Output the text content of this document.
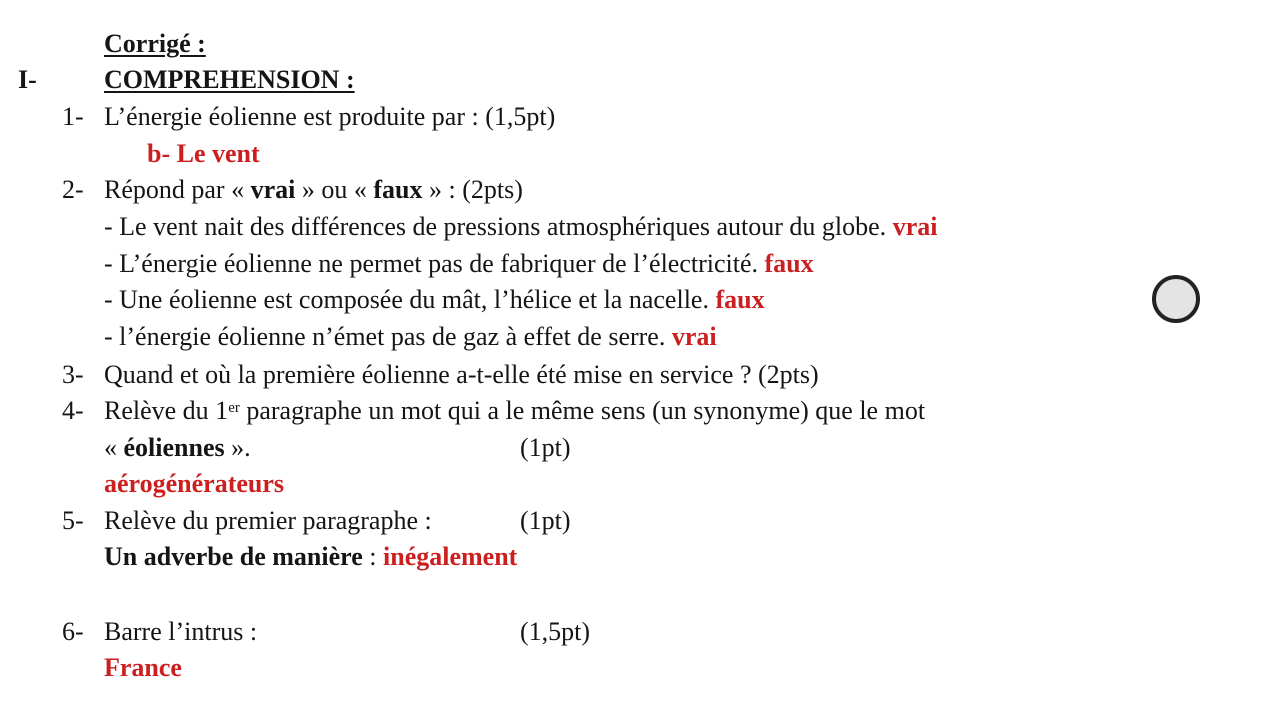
Corrigé :
I-	COMPREHENSION :
1- L’énergie éolienne est produite par : (1,5pt)
b- Le vent
2- Répond par « vrai » ou « faux » : (2pts)
- Le vent nait des différences de pressions atmosphériques autour du globe. vrai
- L’énergie éolienne ne permet pas de fabriquer de l’électricité. faux
- Une éolienne est composée du mât, l’hélice et la nacelle. faux
- l’énergie éolienne n’émet pas de gaz à effet de serre. vrai
3- Quand et où la première éolienne a-t-elle été mise en service ? (2pts)
4- Relève du 1er paragraphe un mot qui a le même sens (un synonyme) que le mot
« éoliennes ».	(1pt)
aérogénérateurs
5- Relève du premier paragraphe :	(1pt)
Un adverbe de manière : inégalement
6- Barre l’intrus :	(1,5pt)
France
